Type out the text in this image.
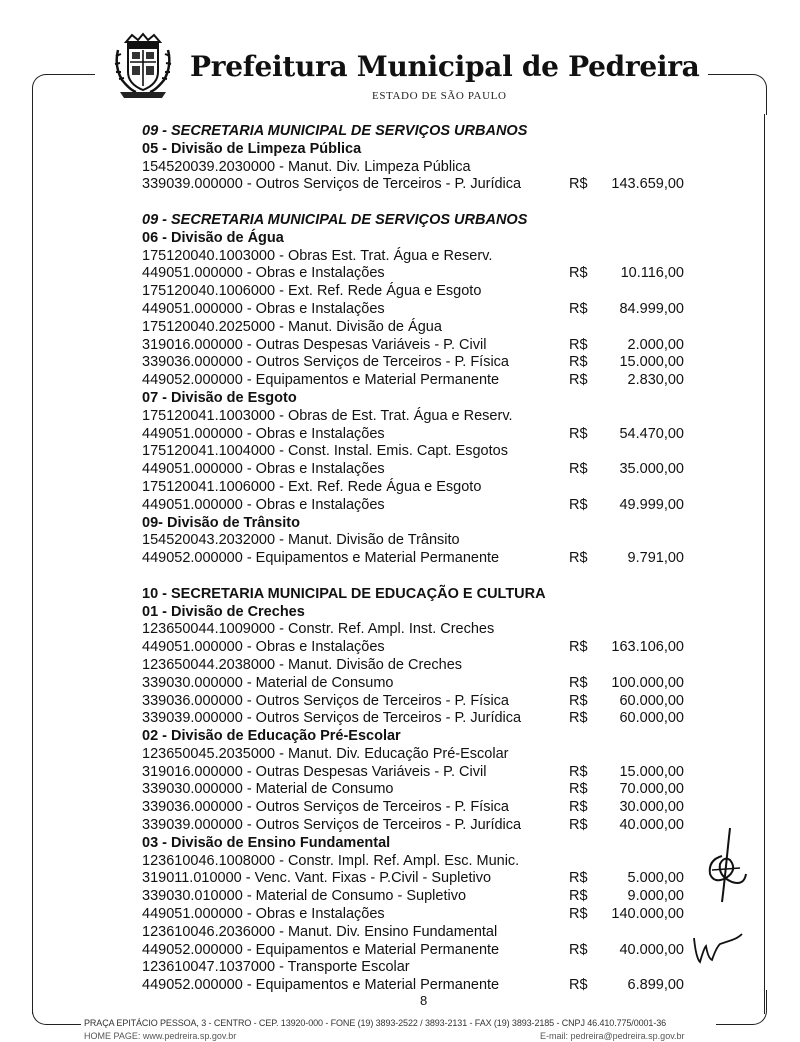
Prefeitura Municipal de Pedreira
ESTADO DE SÃO PAULO
09 - SECRETARIA MUNICIPAL DE SERVIÇOS URBANOS
05 - Divisão de Limpeza Pública
154520039.2030000 - Manut. Div. Limpeza Pública
339039.000000 - Outros Serviços de Terceiros - P. Jurídica	R$ 143.659,00
09 - SECRETARIA MUNICIPAL DE SERVIÇOS URBANOS
06 - Divisão de Água
175120040.1003000 - Obras Est. Trat. Água e Reserv.
449051.000000 - Obras e Instalações	R$ 10.116,00
175120040.1006000 - Ext. Ref. Rede Água e Esgoto
449051.000000 - Obras e Instalações	R$ 84.999,00
175120040.2025000 - Manut. Divisão de Água
319016.000000 - Outras Despesas Variáveis - P. Civil	R$	2.000,00
339036.000000 - Outros Serviços de Terceiros - P. Física	R$ 15.000,00
449052.000000 - Equipamentos e Material Permanente	R$	2.830,00
07 - Divisão de Esgoto
175120041.1003000 - Obras de Est. Trat. Água e Reserv.
449051.000000 - Obras e Instalações	R$ 54.470,00
175120041.1004000 - Const. Instal. Emis. Capt. Esgotos
449051.000000 - Obras e Instalações	R$ 35.000,00
175120041.1006000 - Ext. Ref. Rede Água e Esgoto
449051.000000 - Obras e Instalações	R$ 49.999,00
09- Divisão de Trânsito
154520043.2032000 - Manut. Divisão de Trânsito
449052.000000 - Equipamentos e Material Permanente	R$	9.791,00
10 - SECRETARIA MUNICIPAL DE EDUCAÇÃO E CULTURA
01 - Divisão de Creches
123650044.1009000 - Constr. Ref. Ampl. Inst. Creches
449051.000000 - Obras e Instalações	R$ 163.106,00
123650044.2038000 - Manut. Divisão de Creches
339030.000000 - Material de Consumo	R$ 100.000,00
339036.000000 - Outros Serviços de Terceiros - P. Física	R$ 60.000,00
339039.000000 - Outros Serviços de Terceiros - P. Jurídica	R$ 60.000,00
02 - Divisão de Educação Pré-Escolar
123650045.2035000 - Manut. Div. Educação Pré-Escolar
319016.000000 - Outras Despesas Variáveis - P. Civil	R$ 15.000,00
339030.000000 - Material de Consumo	R$ 70.000,00
339036.000000 - Outros Serviços de Terceiros - P. Física	R$ 30.000,00
339039.000000 - Outros Serviços de Terceiros - P. Jurídica	R$ 40.000,00
03 - Divisão de Ensino Fundamental
123610046.1008000 - Constr. Impl. Ref. Ampl. Esc. Munic.
319011.010000 - Venc. Vant. Fixas - P.Civil - Supletivo	R$	5.000,00
339030.010000 - Material de Consumo - Supletivo	R$	9.000,00
449051.000000 - Obras e Instalações	R$ 140.000,00
123610046.2036000 - Manut. Div. Ensino Fundamental
449052.000000 - Equipamentos e Material Permanente	R$ 40.000,00
123610047.1037000 - Transporte Escolar
449052.000000 - Equipamentos e Material Permanente	R$	6.899,00
8
PRAÇA EPITÁCIO PESSOA, 3 - CENTRO - CEP. 13920-000 - FONE (19) 3893-2522 / 3893-2131 - FAX (19) 3893-2185 - CNPJ 46.410.775/0001-36
HOME PAGE: www.pedreira.sp.gov.br	E-mail: pedreira@pedreira.sp.gov.br
